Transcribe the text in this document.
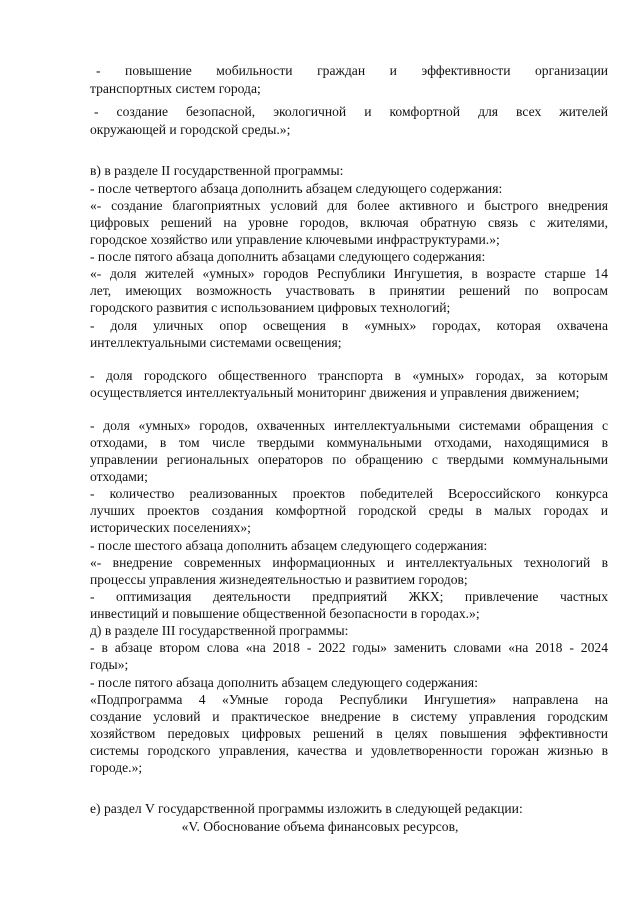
- повышение мобильности граждан и эффективности организации
транспортных систем города;
- создание безопасной, экологичной и комфортной для всех жителей
окружающей и городской среды.»;
в) в разделе II государственной программы:
- после четвертого абзаца дополнить абзацем следующего содержания:
«- создание благоприятных условий для более активного и быстрого внедрения
цифровых решений на уровне городов, включая обратную связь с жителями,
городское хозяйство или управление ключевыми инфраструктурами.»;
- после пятого абзаца дополнить абзацами следующего содержания:
«- доля жителей «умных» городов Республики Ингушетия, в возрасте старше 14
лет, имеющих возможность участвовать в принятии решений по вопросам
городского развития с использованием цифровых технологий;
- доля уличных опор освещения в «умных» городах, которая охвачена
интеллектуальными системами освещения;
- доля городского общественного транспорта в «умных» городах, за которым
осуществляется интеллектуальный мониторинг движения и управления движением;
- доля «умных» городов, охваченных интеллектуальными системами обращения с
отходами, в том числе твердыми коммунальными отходами, находящимися в
управлении региональных операторов по обращению с твердыми коммунальными
отходами;
- количество реализованных проектов победителей Всероссийского конкурса
лучших проектов создания комфортной городской среды в малых городах и
исторических поселениях»;
- после шестого абзаца дополнить абзацем следующего содержания:
«- внедрение современных информационных и интеллектуальных технологий в
процессы управления жизнедеятельностью и развитием городов;
- оптимизация деятельности предприятий ЖКХ; привлечение частных
инвестиций и повышение общественной безопасности в городах.»;
д) в разделе III государственной программы:
- в абзаце втором слова «на 2018 - 2022 годы» заменить словами «на 2018 - 2024
годы»;
- после пятого абзаца дополнить абзацем следующего содержания:
«Подпрограмма 4 «Умные города Республики Ингушетия» направлена на
создание условий и практическое внедрение в систему управления городским
хозяйством передовых цифровых решений в целях повышения эффективности
системы городского управления, качества и удовлетворенности горожан жизнью в
городе.»;
е) раздел V государственной программы изложить в следующей редакции:
«V. Обоснование объема финансовых ресурсов,
